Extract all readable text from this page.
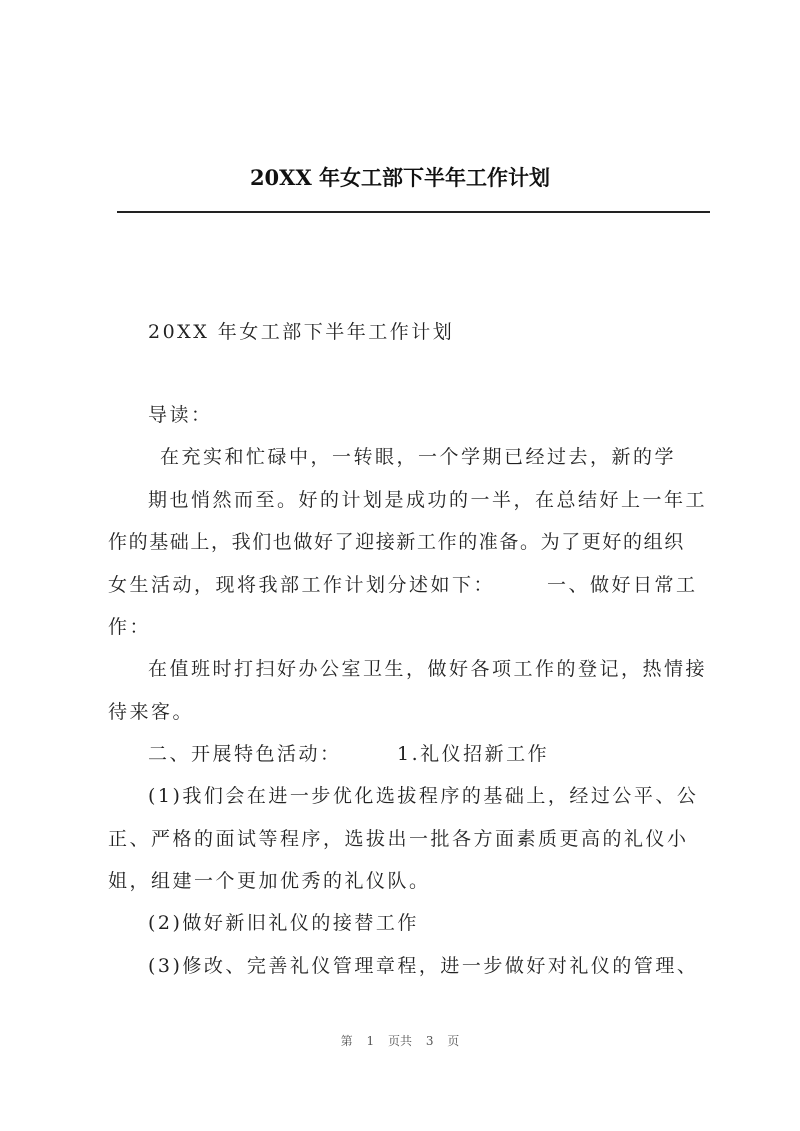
20XX 年女工部下半年工作计划
20XX 年女工部下半年工作计划
导读：
在充实和忙碌中，一转眼，一个学期已经过去，新的学
期也悄然而至。好的计划是成功的一半，在总结好上一年工
作的基础上，我们也做好了迎接新工作的准备。为了更好的组织
女生活动，现将我部工作计划分述如下：	一、做好日常工
作：
在值班时打扫好办公室卫生，做好各项工作的登记，热情接
待来客。
二、开展特色活动：	1.礼仪招新工作
(1)我们会在进一步优化选拔程序的基础上，经过公平、公
正、严格的面试等程序，选拔出一批各方面素质更高的礼仪小
姐，组建一个更加优秀的礼仪队。
(2)做好新旧礼仪的接替工作
(3)修改、完善礼仪管理章程，进一步做好对礼仪的管理、
第 1 页共 3 页
